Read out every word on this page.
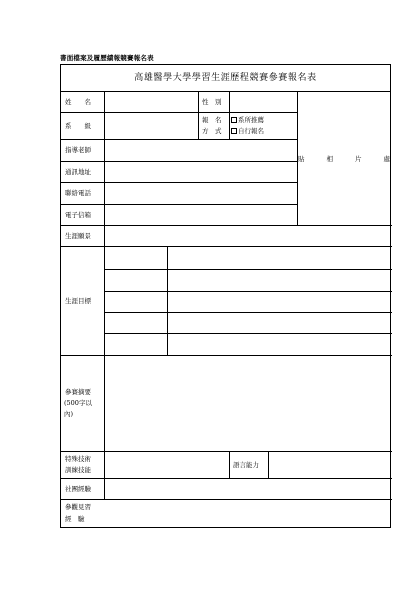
書面檔案及履歷績報競賽報名表
高雄醫學大學學習生涯歷程競賽參賽報名表
姓　　名	性　別
系　　級
報　名
方　式
系所推薦
自行報名
指導老師
通訊地址
聯絡電話
電子信箱
貼　相　片　處
生涯願景
生涯目標
參賽摘要
(500字以
內)
特殊技術
訓練技能
語言能力
社團經驗
參觀見習
經　驗
